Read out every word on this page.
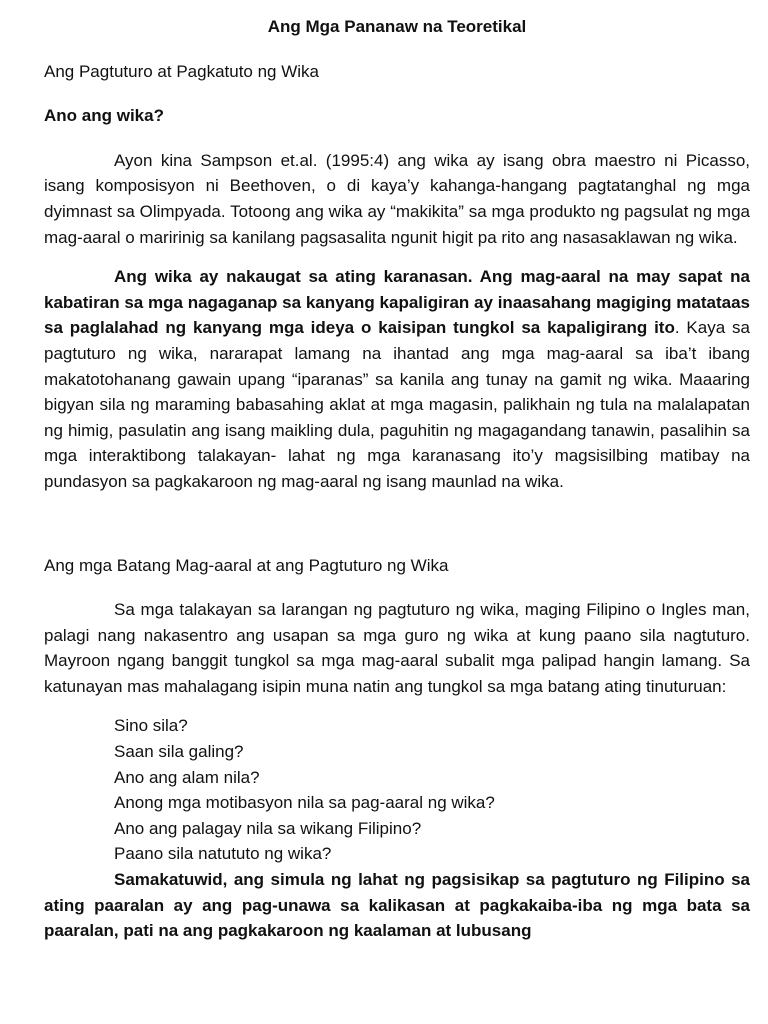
Ang Mga Pananaw na Teoretikal
Ang Pagtuturo at Pagkatuto ng Wika
Ano ang wika?

Ayon kina Sampson et.al. (1995:4) ang wika ay isang obra maestro ni Picasso, isang komposisyon ni Beethoven, o di kaya’y kahanga-hangang pagtatanghal ng mga dyimnast sa Olimpyada. Totoong ang wika ay “makikita” sa mga produkto ng pagsulat ng mga mag-aaral o maririnig sa kanilang pagsasalita ngunit higit pa rito ang nasasaklawan ng wika.

Ang wika ay nakaugat sa ating karanasan. Ang mag-aaral na may sapat na kabatiran sa mga nagaganap sa kanyang kapaligiran ay inaasahang magiging matataas sa paglalahad ng kanyang mga ideya o kaisipan tungkol sa kapaligirang ito. Kaya sa pagtuturo ng wika, nararapat lamang na ihantad ang mga mag-aaral sa iba’t ibang makatotohanang gawain upang “iparanas” sa kanila ang tunay na gamit ng wika. Maaaring bigyan sila ng maraming babasahing aklat at mga magasin, palikhain ng tula na malalapatan ng himig, pasulatin ang isang maikling dula, paguhitin ng magagandang tanawin, pasalihin sa mga interaktibong talakayan- lahat ng mga karanasang ito’y magsisilbing matibay na pundasyon sa pagkakaroon ng mag-aaral ng isang maunlad na wika.

Ang mga Batang Mag-aaral at ang Pagtuturo ng Wika

Sa mga talakayan sa larangan ng pagtuturo ng wika, maging Filipino o Ingles man, palagi nang nakasentro ang usapan sa mga guro ng wika at kung paano sila nagtuturo. Mayroon ngang banggit tungkol sa mga mag-aaral subalit mga palipad hangin lamang. Sa katunayan mas mahalagang isipin muna natin ang tungkol sa mga batang ating tinuturuan:

Sino sila?
Saan sila galing?
Ano ang alam nila?
Anong mga motibasyon nila sa pag-aaral ng wika?
Ano ang palagay nila sa wikang Filipino?
Paano sila natututo ng wika?

Samakatuwid, ang simula ng lahat ng pagsisikap sa pagtuturo ng Filipino sa ating paaralan ay ang pag-unawa sa kalikasan at pagkakaiba-iba ng mga bata sa paaralan, pati na ang pagkakaroon ng kaalaman at lubusang
